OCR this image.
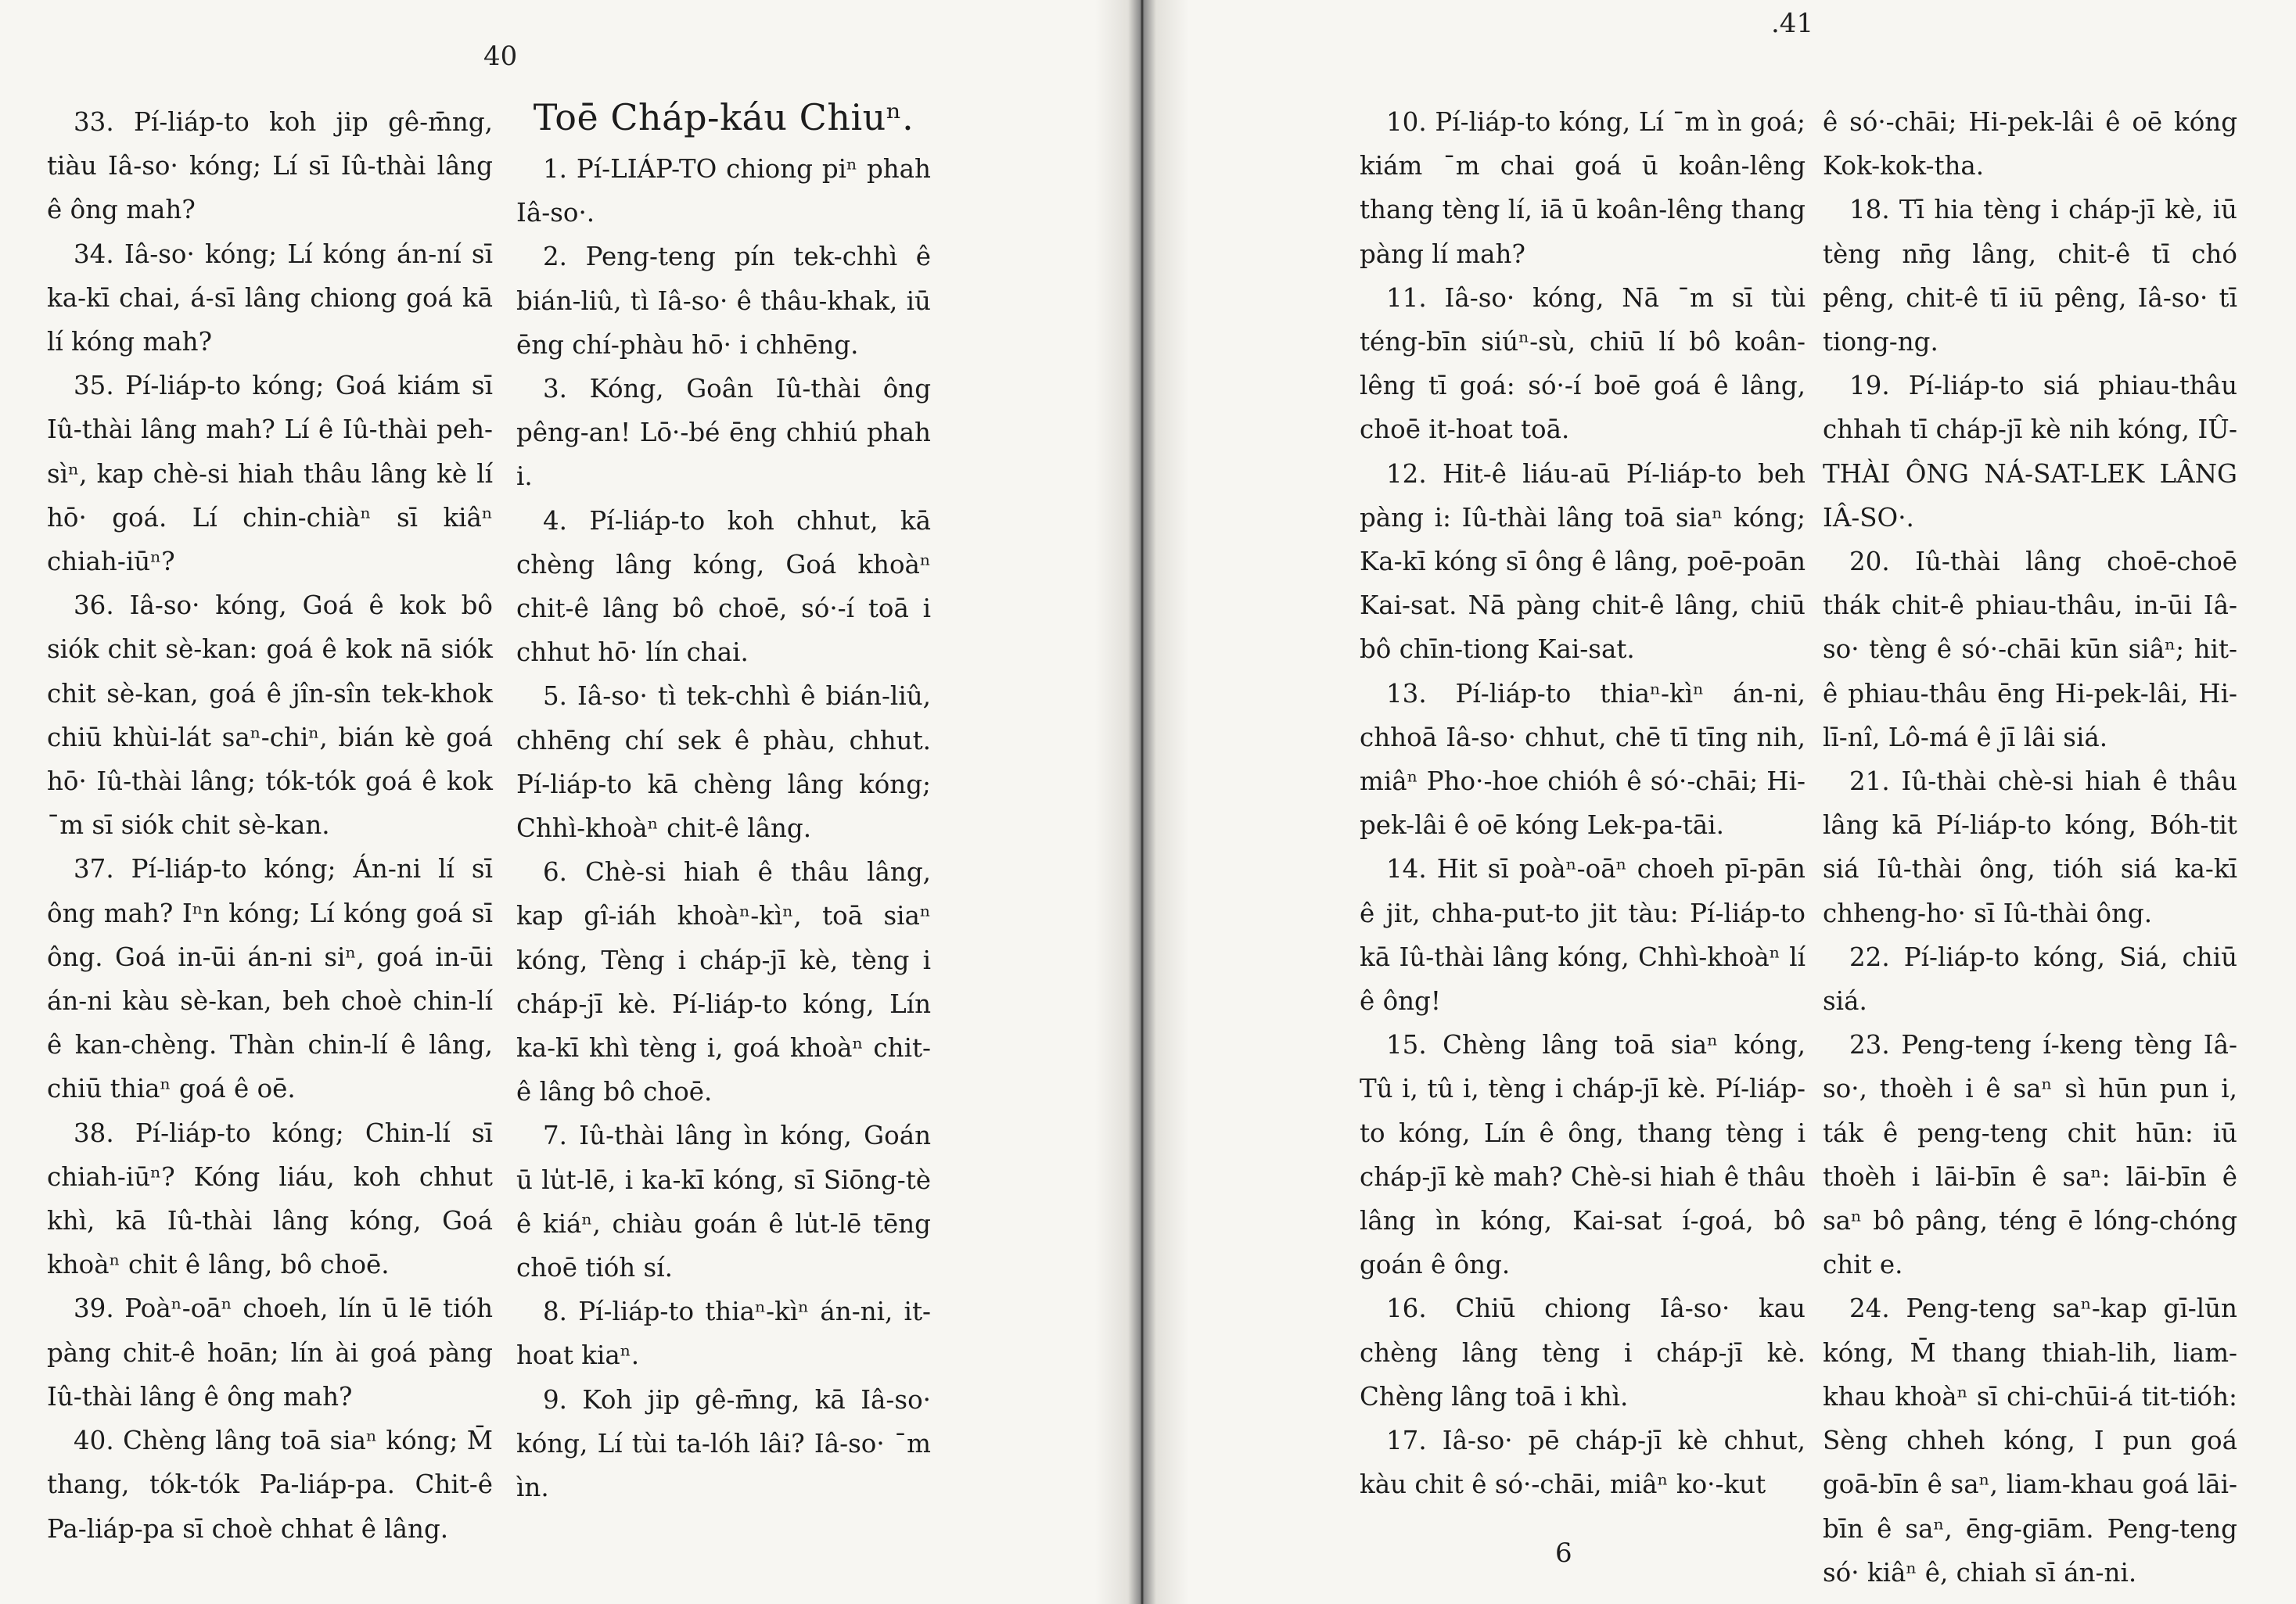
40
.41

33. Pí-liáp-to koh jip gê-m̄ng, tiàu Iâ-so· kóng; Lí sī Iû-thài lâng ê ông mah?

34. Iâ-so· kóng; Lí kóng án-ní sī ka-kī chai, á-sī lâng chiong goá kā lí kóng mah?

35. Pí-liáp-to kóng; Goá kiám sī Iû-thài lâng mah? Lí ê Iû-thài peh-sìⁿ, kap chè-si hiah thâu lâng kè lí hō· goá. Lí chin-chiàⁿ sī kiâⁿ chiah-iūⁿ?

36. Iâ-so· kóng, Goá ê kok bô siók chit sè-kan: goá ê kok nā siók chit sè-kan, goá ê jîn-sîn tek-khok chiū khùi-lát saⁿ-chiⁿ, bián kè goá hō· Iû-thài lâng; tók-tók goá ê kok ˉm sī siók chit sè-kan.

37. Pí-liáp-to kóng; Án-ni lí sī ông mah? Iⁿn kóng; Lí kóng goá sī ông. Goá in-ūi án-ni siⁿ, goá in-ūi án-ni kàu sè-kan, beh choè chin-lí ê kan-chèng. Thàn chin-lí ê lâng, chiū thiaⁿ goá ê oē.

38. Pí-liáp-to kóng; Chin-lí sī chiah-iūⁿ? Kóng liáu, koh chhut khì, kā Iû-thài lâng kóng, Goá khoàⁿ chit ê lâng, bô choē.

39. Poàⁿ-oāⁿ choeh, lín ū lē tióh pàng chit-ê hoān; lín ài goá pàng Iû-thài lâng ê ông mah?

40. Chèng lâng toā siaⁿ kóng; M̄ thang, tók-tók Pa-liáp-pa. Chit-ê Pa-liáp-pa sī choè chhat ê lâng.

Toē Cháp-káu Chiuⁿ.

1. Pí-LIÁP-TO chiong piⁿ phah Iâ-so·.

2. Peng-teng pín tek-chhì ê bián-liû, tì Iâ-so· ê thâu-khak, iū ēng chí-phàu hō· i chhēng.

3. Kóng, Goân Iû-thài ông pêng-an! Lō·-bé ēng chhiú phah i.

4. Pí-liáp-to koh chhut, kā chèng lâng kóng, Goá khoàⁿ chit-ê lâng bô choē, só·-í toā i chhut hō· lín chai.

5. Iâ-so· tì tek-chhì ê bián-liû, chhēng chí sek ê phàu, chhut. Pí-liáp-to kā chèng lâng kóng; Chhì-khoàⁿ chit-ê lâng.

6. Chè-si hiah ê thâu lâng, kap gî-iáh khoàⁿ-kìⁿ, toā siaⁿ kóng, Tèng i cháp-jī kè, tèng i cháp-jī kè. Pí-liáp-to kóng, Lín ka-kī khì tèng i, goá khoàⁿ chit-ê lâng bô choē.

7. Iû-thài lâng ìn kóng, Goán ū lu̍t-lē, i ka-kī kóng, sī Siōng-tè ê kiáⁿ, chiàu goán ê lu̍t-lē tēng choē tióh sí.

8. Pí-liáp-to thiaⁿ-kìⁿ án-ni, it-hoat kiaⁿ.

9. Koh jip gê-m̄ng, kā Iâ-so· kóng, Lí tùi ta-lóh lâi? Iâ-so· ˉm ìn.

10. Pí-liáp-to kóng, Lí ˉm ìn goá; kiám ˉm chai goá ū koân-lêng thang tèng lí, iā ū koân-lêng thang pàng lí mah?

11. Iâ-so· kóng, Nā ˉm sī tùi téng-bīn siúⁿ-sù, chiū lí bô koân-lêng tī goá: só·-í boē goá ê lâng, choē it-hoat toā.

12. Hit-ê liáu-aū Pí-liáp-to beh pàng i: Iû-thài lâng toā siaⁿ kóng; Ka-kī kóng sī ông ê lâng, poē-poān Kai-sat. Nā pàng chit-ê lâng, chiū bô chīn-tiong Kai-sat.

13. Pí-liáp-to thiaⁿ-kìⁿ án-ni, chhoā Iâ-so· chhut, chē tī tīng nih, miâⁿ Pho·-hoe chióh ê só·-chāi; Hi-pek-lâi ê oē kóng Lek-pa-tāi.

14. Hit sī poàⁿ-oāⁿ choeh pī-pān ê jit, chha-put-to jit tàu: Pí-liáp-to kā Iû-thài lâng kóng, Chhì-khoàⁿ lí ê ông!

15. Chèng lâng toā siaⁿ kóng, Tû i, tû i, tèng i cháp-jī kè. Pí-liáp-to kóng, Lín ê ông, thang tèng i cháp-jī kè mah? Chè-si hiah ê thâu lâng ìn kóng, Kai-sat í-goá, bô goán ê ông.

16. Chiū chiong Iâ-so· kau chèng lâng tèng i cháp-jī kè. Chèng lâng toā i khì.

17. Iâ-so· pē cháp-jī kè chhut, kàu chit ê só·-chāi, miâⁿ ko·-kut

ê só·-chāi; Hi-pek-lâi ê oē kóng Kok-kok-tha.

18. Tī hia tèng i cháp-jī kè, iū tèng nn̄g lâng, chit-ê tī chó pêng, chit-ê tī iū pêng, Iâ-so· tī tiong-ng.

19. Pí-liáp-to siá phiau-thâu chhah tī cháp-jī kè nih kóng, IÛ-THÀI ÔNG NÁ-SAT-LEK LÂNG IÂ-SO·.

20. Iû-thài lâng choē-choē thák chit-ê phiau-thâu, in-ūi Iâ-so· tèng ê só·-chāi kūn siâⁿ; hit-ê phiau-thâu ēng Hi-pek-lâi, Hi-lī-nî, Lô-má ê jī lâi siá.

21. Iû-thài chè-si hiah ê thâu lâng kā Pí-liáp-to kóng, Bóh-tit siá Iû-thài ông, tióh siá ka-kī chheng-ho· sī Iû-thài ông.

22. Pí-liáp-to kóng, Siá, chiū siá.

23. Peng-teng í-keng tèng Iâ-so·, thoèh i ê saⁿ sì hūn pun i, ták ê peng-teng chit hūn: iū thoèh i lāi-bīn ê saⁿ: lāi-bīn ê saⁿ bô pâng, téng ē lóng-chóng chit e.

24. Peng-teng saⁿ-kap gī-lūn kóng, M̄ thang thiah-lih, liam-khau khoàⁿ sī chi-chūi-á tit-tióh: Sèng chheh kóng, I pun goá goā-bīn ê saⁿ, liam-khau goá lāi-bīn ê saⁿ, ēng-giām. Peng-teng só· kiâⁿ ê, chiah sī án-ni.

6
